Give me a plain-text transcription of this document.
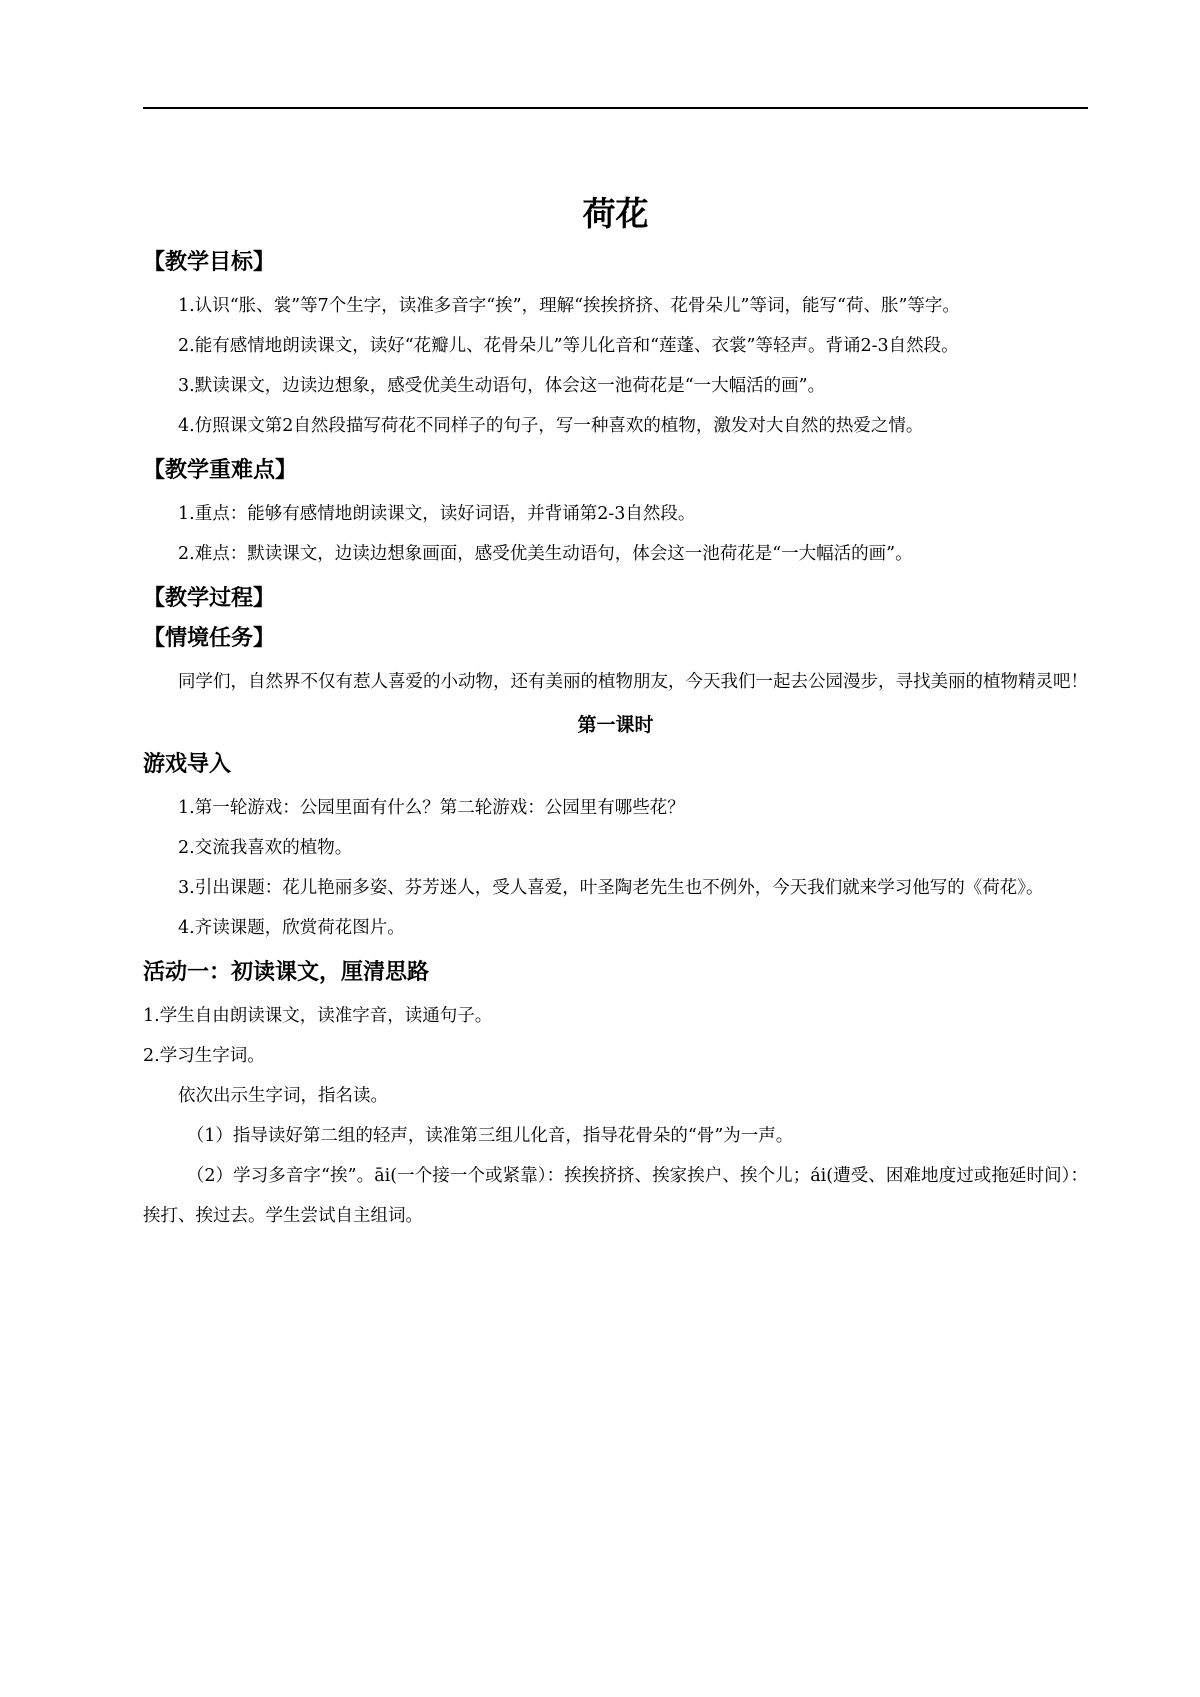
荷花
【教学目标】

1.认识“胀、裳”等7个生字，读准多音字“挨”，理解“挨挨挤挤、花骨朵儿”等词，能写“荷、胀”等字。

2.能有感情地朗读课文，读好“花瓣儿、花骨朵儿”等儿化音和“莲蓬、衣裳”等轻声。背诵2-3自然段。

3.默读课文，边读边想象，感受优美生动语句，体会这一池荷花是“一大幅活的画”。

4.仿照课文第2自然段描写荷花不同样子的句子，写一种喜欢的植物，激发对大自然的热爱之情。

【教学重难点】

1.重点：能够有感情地朗读课文，读好词语，并背诵第2-3自然段。

2.难点：默读课文，边读边想象画面，感受优美生动语句，体会这一池荷花是“一大幅活的画”。

【教学过程】
【情境任务】

同学们，自然界不仅有惹人喜爱的小动物，还有美丽的植物朋友，今天我们一起去公园漫步，寻找美丽的植物精灵吧！

第一课时
游戏导入

1.第一轮游戏：公园里面有什么？第二轮游戏：公园里有哪些花？

2.交流我喜欢的植物。

3.引出课题：花儿艳丽多姿、芬芳迷人，受人喜爱，叶圣陶老先生也不例外，今天我们就来学习他写的《荷花》。

4.齐读课题，欣赏荷花图片。

活动一：初读课文，厘清思路

1.学生自由朗读课文，读准字音，读通句子。

2.学习生字词。

依次出示生字词，指名读。

（1）指导读好第二组的轻声，读准第三组儿化音，指导花骨朵的“骨”为一声。

（2）学习多音字“挨”。āi(一个接一个或紧靠）：挨挨挤挤、挨家挨户、挨个儿；ái(遭受、困难地度过或拖延时间）：挨打、挨过去。学生尝试自主组词。
